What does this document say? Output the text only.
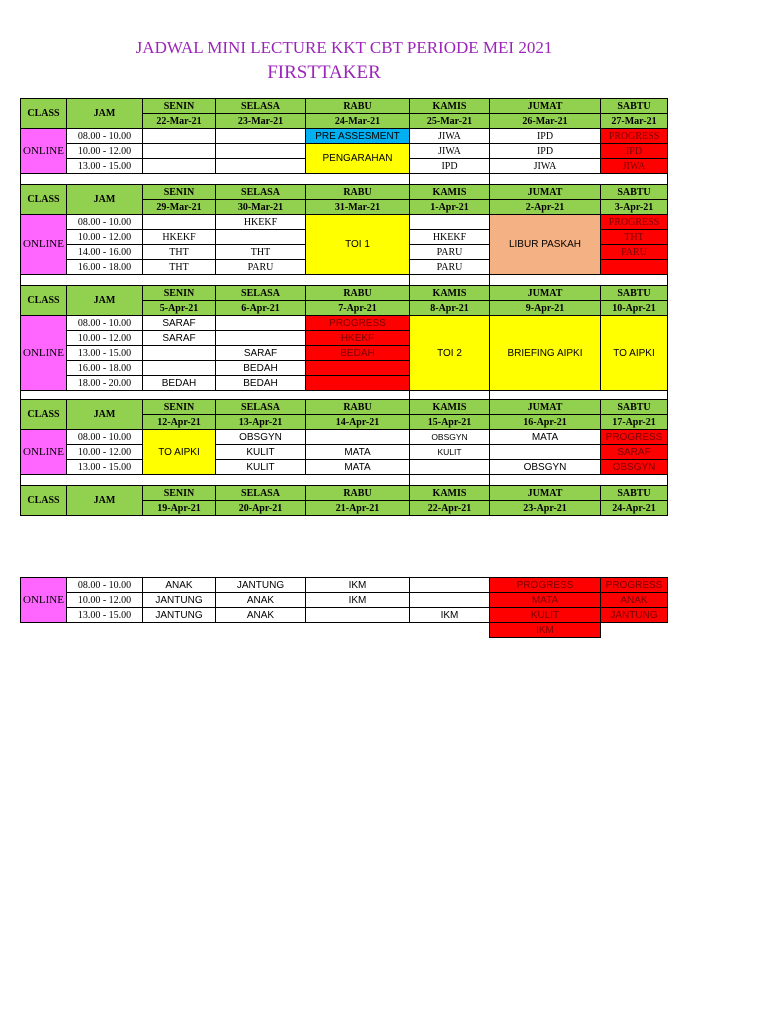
JADWAL MINI LECTURE KKT CBT PERIODE MEI 2021
FIRSTTAKER
CLASS	JAM	SENIN	SELASA	RABU	KAMIS	JUMAT	SABTU
		22-Mar-21	23-Mar-21	24-Mar-21	25-Mar-21	26-Mar-21	27-Mar-21
ONLINE	08.00 - 10.00			PRE ASSESMENT	JIWA	IPD	PROGRESS
	10.00 - 12.00			PENGARAHAN	JIWA	IPD	IPD
	13.00 - 15.00				IPD	JIWA	JIWA

CLASS	JAM	SENIN	SELASA	RABU	KAMIS	JUMAT	SABTU
		29-Mar-21	30-Mar-21	31-Mar-21	1-Apr-21	2-Apr-21	3-Apr-21
ONLINE	08.00 - 10.00		HKEKF	TOI 1		LIBUR PASKAH	PROGRESS
	10.00 - 12.00	HKEKF			HKEKF		THT
	14.00 - 16.00	THT	THT		PARU		PARU
	16.00 - 18.00	THT	PARU		PARU		

CLASS	JAM	SENIN	SELASA	RABU	KAMIS	JUMAT	SABTU
		5-Apr-21	6-Apr-21	7-Apr-21	8-Apr-21	9-Apr-21	10-Apr-21
ONLINE	08.00 - 10.00	SARAF		PROGRESS	TOI 2	BRIEFING AIPKI	TO AIPKI
	10.00 - 12.00	SARAF		HKEKF			
	13.00 - 15.00		SARAF	BEDAH			
	16.00 - 18.00		BEDAH				
	18.00 - 20.00	BEDAH	BEDAH				

CLASS	JAM	SENIN	SELASA	RABU	KAMIS	JUMAT	SABTU
		12-Apr-21	13-Apr-21	14-Apr-21	15-Apr-21	16-Apr-21	17-Apr-21
ONLINE	08.00 - 10.00	TO AIPKI	OBSGYN		OBSGYN	MATA	PROGRESS
	10.00 - 12.00		KULIT	MATA	KULIT		SARAF
	13.00 - 15.00		KULIT	MATA		OBSGYN	OBSGYN

CLASS	JAM	SENIN	SELASA	RABU	KAMIS	JUMAT	SABTU
		19-Apr-21	20-Apr-21	21-Apr-21	22-Apr-21	23-Apr-21	24-Apr-21
ONLINE	08.00 - 10.00	ANAK	JANTUNG	IKM		PROGRESS	PROGRESS
	10.00 - 12.00	JANTUNG	ANAK	IKM		MATA	ANAK
	13.00 - 15.00	JANTUNG	ANAK		IKM	KULIT	JANTUNG
						IKM	
